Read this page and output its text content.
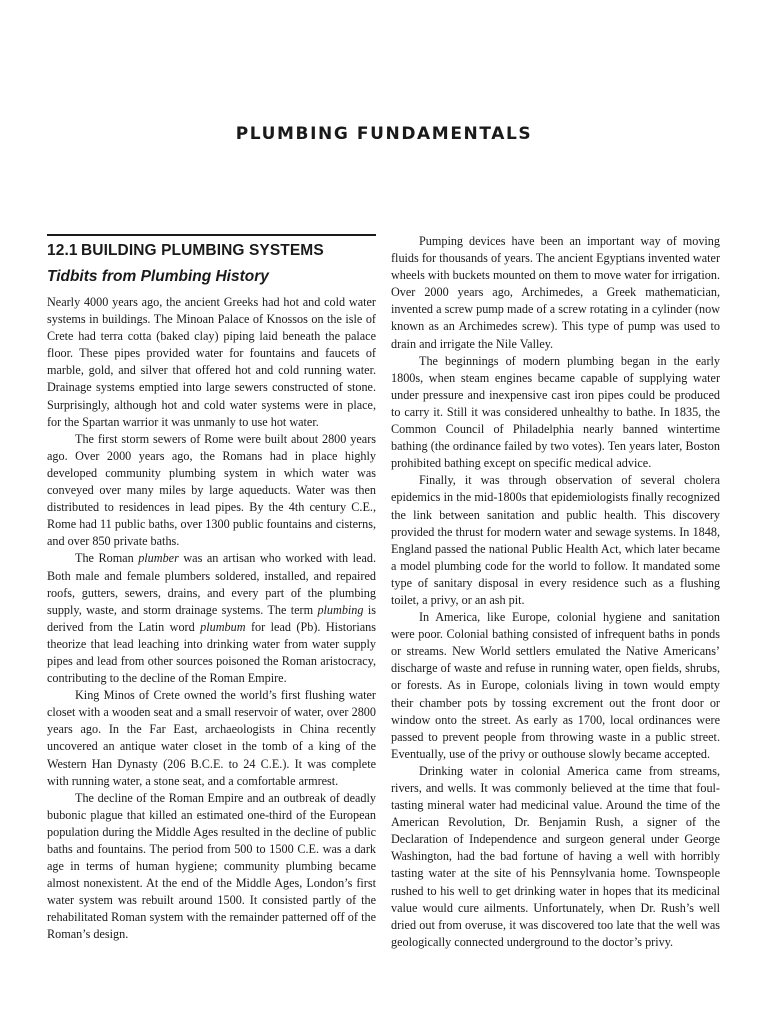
PLUMBING FUNDAMENTALS
12.1 BUILDING PLUMBING SYSTEMS
Tidbits from Plumbing History

Nearly 4000 years ago, the ancient Greeks had hot and cold water systems in buildings. The Minoan Palace of Knossos on the isle of Crete had terra cotta (baked clay) piping laid beneath the palace floor. These pipes provided water for fountains and faucets of marble, gold, and silver that offered hot and cold running water. Drainage systems emptied into large sewers constructed of stone. Surprisingly, although hot and cold water systems were in place, for the Spartan warrior it was unmanly to use hot water.

The first storm sewers of Rome were built about 2800 years ago. Over 2000 years ago, the Romans had in place highly developed community plumbing system in which water was conveyed over many miles by large aqueducts. Water was then distributed to residences in lead pipes. By the 4th century C.E., Rome had 11 public baths, over 1300 public fountains and cisterns, and over 850 private baths.

The Roman plumber was an artisan who worked with lead. Both male and female plumbers soldered, installed, and repaired roofs, gutters, sewers, drains, and every part of the plumbing supply, waste, and storm drainage systems. The term plumbing is derived from the Latin word plumbum for lead (Pb). Historians theorize that lead leaching into drinking water from water supply pipes and lead from other sources poisoned the Roman aristocracy, contributing to the decline of the Roman Empire.

King Minos of Crete owned the world’s first flushing water closet with a wooden seat and a small reservoir of water, over 2800 years ago. In the Far East, archaeologists in China recently uncovered an antique water closet in the tomb of a king of the Western Han Dynasty (206 B.C.E. to 24 C.E.). It was complete with running water, a stone seat, and a comfortable armrest.

The decline of the Roman Empire and an outbreak of deadly bubonic plague that killed an estimated one-third of the European population during the Middle Ages resulted in the decline of public baths and fountains. The period from 500 to 1500 C.E. was a dark age in terms of human hygiene; community plumbing became almost nonexistent. At the end of the Middle Ages, London’s first water system was rebuilt around 1500. It consisted partly of the rehabilitated Roman system with the remainder patterned off of the Roman’s design.

Pumping devices have been an important way of moving fluids for thousands of years. The ancient Egyptians invented water wheels with buckets mounted on them to move water for irrigation. Over 2000 years ago, Archimedes, a Greek mathematician, invented a screw pump made of a screw rotating in a cylinder (now known as an Archimedes screw). This type of pump was used to drain and irrigate the Nile Valley.

The beginnings of modern plumbing began in the early 1800s, when steam engines became capable of supplying water under pressure and inexpensive cast iron pipes could be produced to carry it. Still it was considered unhealthy to bathe. In 1835, the Common Council of Philadelphia nearly banned wintertime bathing (the ordinance failed by two votes). Ten years later, Boston prohibited bathing except on specific medical advice.

Finally, it was through observation of several cholera epidemics in the mid-1800s that epidemiologists finally recognized the link between sanitation and public health. This discovery provided the thrust for modern water and sewage systems. In 1848, England passed the national Public Health Act, which later became a model plumbing code for the world to follow. It mandated some type of sanitary disposal in every residence such as a flushing toilet, a privy, or an ash pit.

In America, like Europe, colonial hygiene and sanitation were poor. Colonial bathing consisted of infrequent baths in ponds or streams. New World settlers emulated the Native Americans’ discharge of waste and refuse in running water, open fields, shrubs, or forests. As in Europe, colonials living in town would empty their chamber pots by tossing excrement out the front door or window onto the street. As early as 1700, local ordinances were passed to prevent people from throwing waste in a public street. Eventually, use of the privy or outhouse slowly became accepted.

Drinking water in colonial America came from streams, rivers, and wells. It was commonly believed at the time that foul-tasting mineral water had medicinal value. Around the time of the American Revolution, Dr. Benjamin Rush, a signer of the Declaration of Independence and surgeon general under George Washington, had the bad fortune of having a well with horribly tasting water at the site of his Pennsylvania home. Townspeople rushed to his well to get drinking water in hopes that its medicinal value would cure ailments. Unfortunately, when Dr. Rush’s well dried out from overuse, it was discovered too late that the well was geologically connected underground to the doctor’s privy.
